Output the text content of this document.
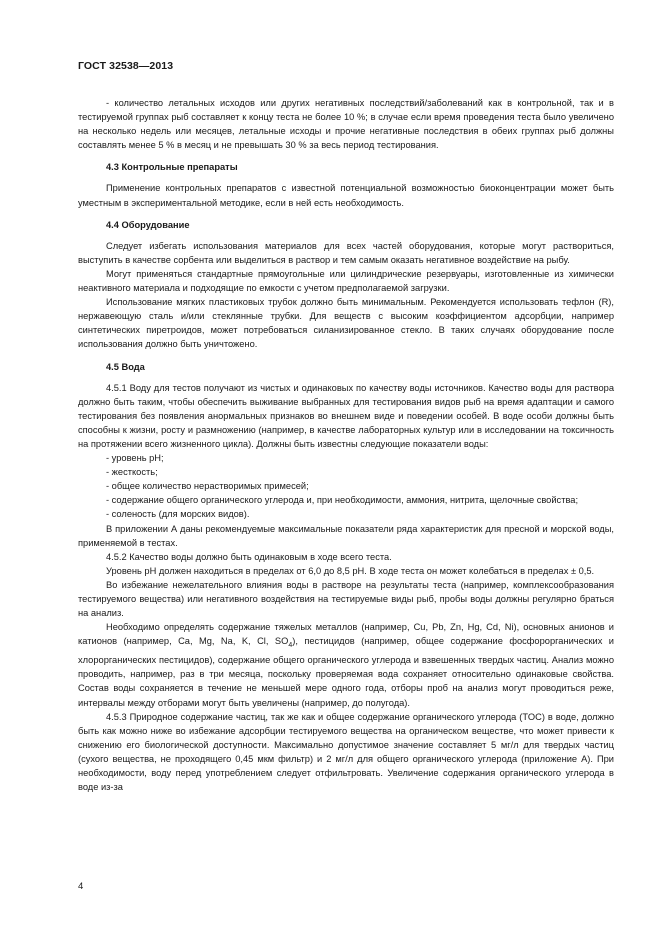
ГОСТ 32538—2013

- количество летальных исходов или других негативных последствий/заболеваний как в контрольной, так и в тестируемой группах рыб составляет к концу теста не более 10 %; в случае если время проведения теста было увеличено на несколько недель или месяцев, летальные исходы и прочие негативные последствия в обеих группах рыб должны составлять менее 5 % в месяц и не превышать 30 % за весь период тестирования.

4.3 Контрольные препараты

Применение контрольных препаратов с известной потенциальной возможностью биоконцентрации может быть уместным в экспериментальной методике, если в ней есть необходимость.

4.4 Оборудование

Следует избегать использования материалов для всех частей оборудования, которые могут раствориться, выступить в качестве сорбента или выделиться в раствор и тем самым оказать негативное воздействие на рыбу.

Могут применяться стандартные прямоугольные или цилиндрические резервуары, изготовленные из химически неактивного материала и подходящие по емкости с учетом предполагаемой загрузки.

Использование мягких пластиковых трубок должно быть минимальным. Рекомендуется использовать тефлон (R), нержавеющую сталь и/или стеклянные трубки. Для веществ с высоким коэффициентом адсорбции, например синтетических пиретроидов, может потребоваться силанизированное стекло. В таких случаях оборудование после использования должно быть уничтожено.

4.5 Вода

4.5.1 Воду для тестов получают из чистых и одинаковых по качеству воды источников. Качество воды для раствора должно быть таким, чтобы обеспечить выживание выбранных для тестирования видов рыб на время адаптации и самого тестирования без появления анормальных признаков во внешнем виде и поведении особей. В воде особи должны быть способны к жизни, росту и размножению (например, в качестве лабораторных культур или в исследовании на токсичность на протяжении всего жизненного цикла). Должны быть известны следующие показатели воды:

- уровень pH;

- жесткость;

- общее количество нерастворимых примесей;

- содержание общего органического углерода и, при необходимости, аммония, нитрита, щелочные свойства;

- соленость (для морских видов).

В приложении А даны рекомендуемые максимальные показатели ряда характеристик для пресной и морской воды, применяемой в тестах.

4.5.2 Качество воды должно быть одинаковым в ходе всего теста.

Уровень pH должен находиться в пределах от 6,0 до 8,5 pH. В ходе теста он может колебаться в пределах ± 0,5.

Во избежание нежелательного влияния воды в растворе на результаты теста (например, комплексообразования тестируемого вещества) или негативного воздействия на тестируемые виды рыб, пробы воды должны регулярно браться на анализ.

Необходимо определять содержание тяжелых металлов (например, Cu, Pb, Zn, Hg, Cd, Ni), основных анионов и катионов (например, Ca, Mg, Na, K, Cl, $SO_4$), пестицидов (например, общее содержание фосфорорганических и хлорорганических пестицидов), содержание общего органического углерода и взвешенных твердых частиц. Анализ можно проводить, например, раз в три месяца, поскольку проверяемая вода сохраняет относительно одинаковые свойства. Состав воды сохраняется в течение не меньшей мере одного года, отборы проб на анализ могут проводиться реже, интервалы между отборами могут быть увеличены (например, до полугода).

4.5.3 Природное содержание частиц, так же как и общее содержание органического углерода (TOC) в воде, должно быть как можно ниже во избежание адсорбции тестируемого вещества на органическом веществе, что может привести к снижению его биологической доступности. Максимально допустимое значение составляет 5 мг/л для твердых частиц (сухого вещества, не проходящего 0,45 мкм фильтр) и 2 мг/л для общего органического углерода (приложение А). При необходимости, воду перед употреблением следует отфильтровать. Увеличение содержания органического углерода в воде из-за

4
